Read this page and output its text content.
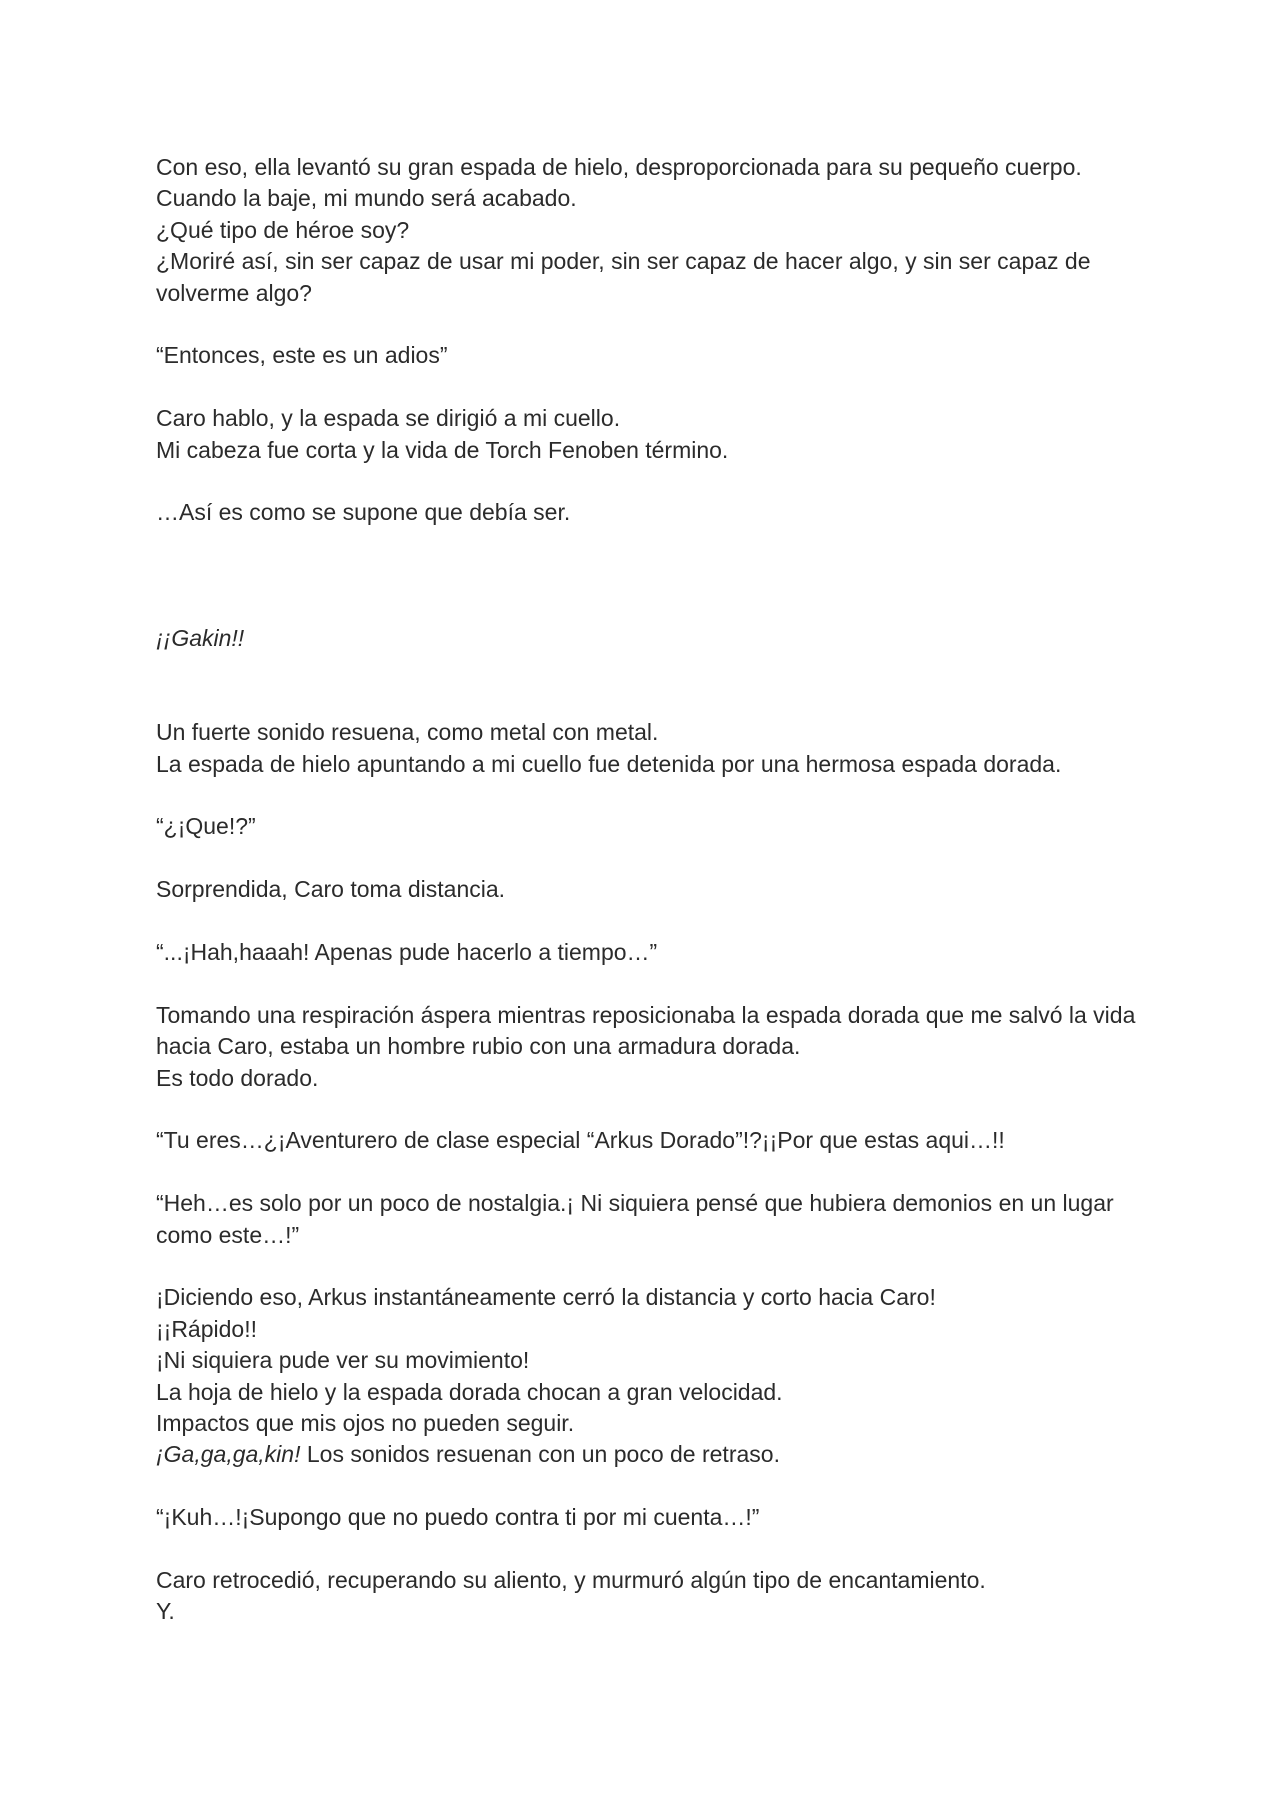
Con eso, ella levantó su gran espada de hielo, desproporcionada para su pequeño cuerpo.

Cuando la baje, mi mundo será acabado.

¿Qué tipo de héroe soy?

¿Moriré así, sin ser capaz de usar mi poder, sin ser capaz de hacer algo, y sin ser capaz de volverme algo?

“Entonces, este es un adios”

Caro hablo, y la espada se dirigió a mi cuello.

Mi cabeza fue corta y la vida de Torch Fenoben término.

…Así es como se supone que debía ser.

¡¡Gakin!!

Un fuerte sonido resuena, como metal con metal.

La espada de hielo apuntando a mi cuello fue detenida por una hermosa espada dorada.

“¿¡Que!?”

Sorprendida, Caro toma distancia.

“...¡Hah,haaah! Apenas pude hacerlo a tiempo…”

Tomando una respiración áspera mientras reposicionaba la espada dorada que me salvó la vida hacia Caro, estaba un hombre rubio con una armadura dorada.

Es todo dorado.

“Tu eres…¿¡Aventurero de clase especial “Arkus Dorado”!?¡¡Por que estas aqui…!!

“Heh…es solo por un poco de nostalgia.¡ Ni siquiera pensé que hubiera demonios en un lugar como este…!”

¡Diciendo eso, Arkus instantáneamente cerró la distancia y corto hacia Caro!

¡¡Rápido!!

¡Ni siquiera pude ver su movimiento!

La hoja de hielo y la espada dorada chocan a gran velocidad.

Impactos que mis ojos no pueden seguir.

¡Ga,ga,ga,kin! Los sonidos resuenan con un poco de retraso.

“¡Kuh…!¡Supongo que no puedo contra ti por mi cuenta…!”

Caro retrocedió, recuperando su aliento, y murmuró algún tipo de encantamiento.

Y.
